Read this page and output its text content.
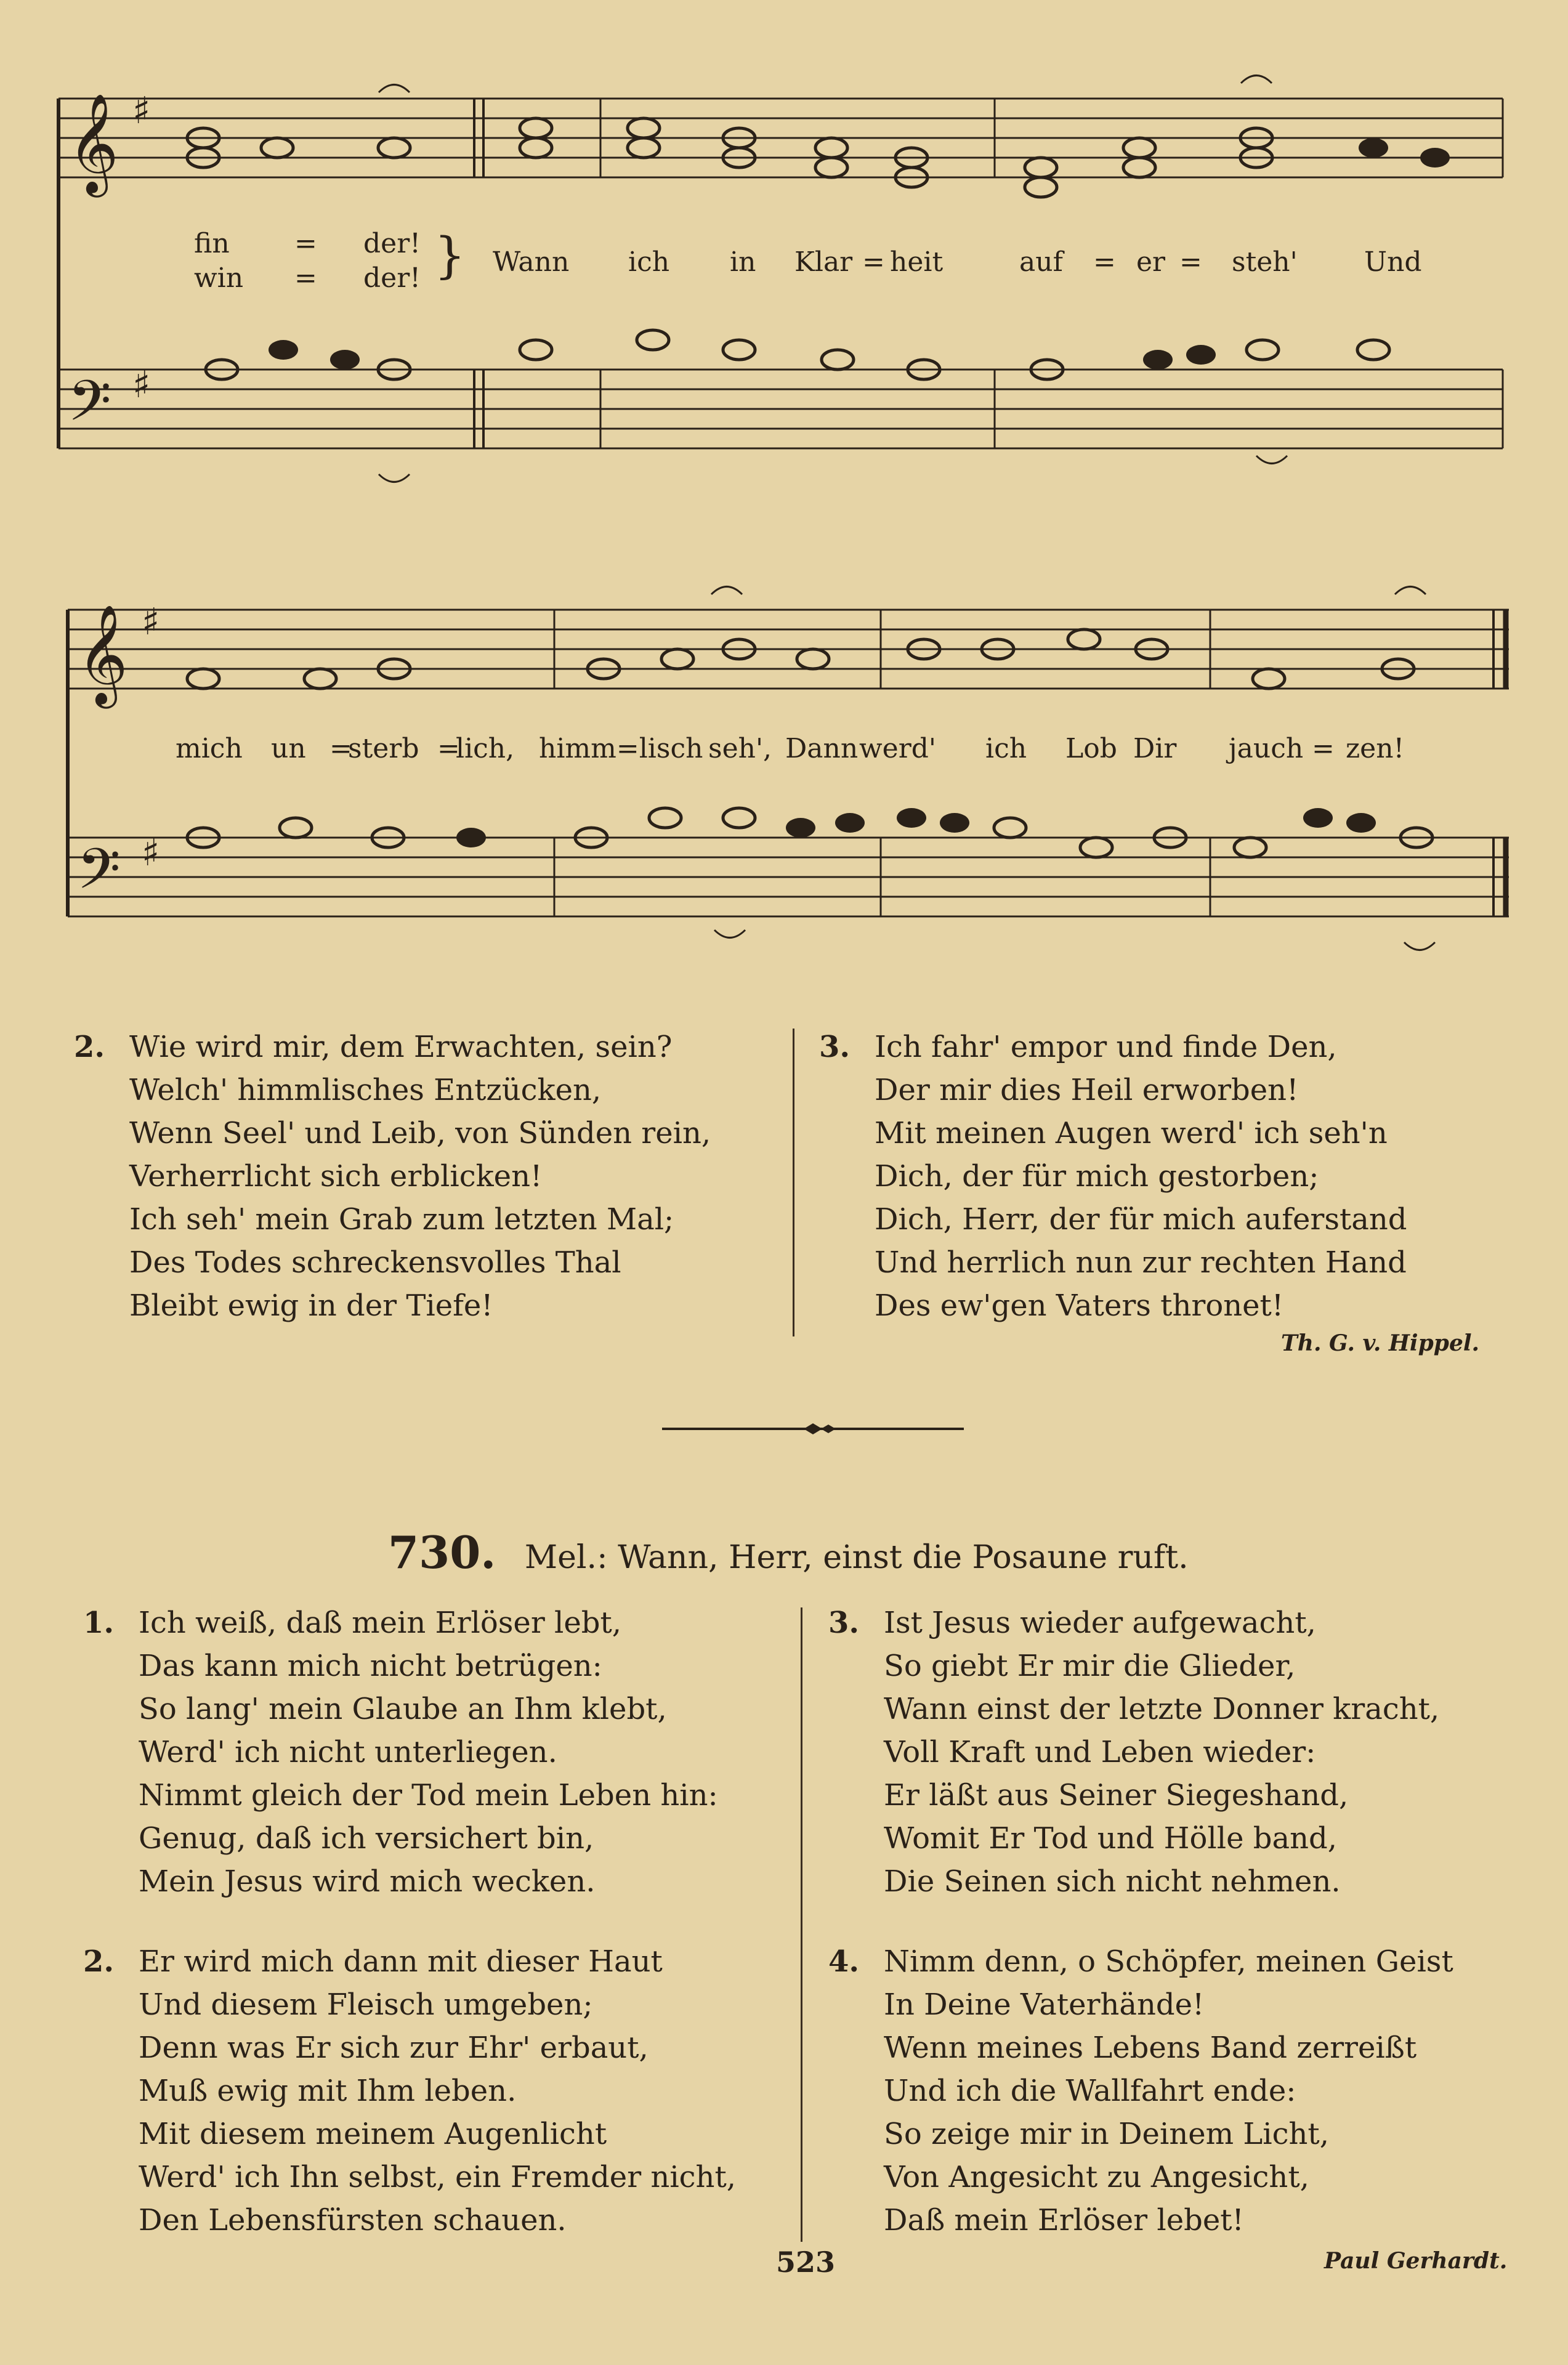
𝄞
𝄢
𝄞
𝄢
♯
♯
♯
♯
fin = der!
win = der! } Wann ich in Klar = heit	auf = er = steh' Und
mich un =
sterb =
lich, himm=lisch seh', Dann werd' ich Lob Dir jauch = zen!
2. Wie wird mir, dem Erwachten, sein?
Welch' himmlisches Entzücken,
Wenn Seel' und Leib, von Sünden rein,
Verherrlicht sich erblicken!
Ich seh' mein Grab zum letzten Mal;
Des Todes schreckensvolles Thal
Bleibt ewig in der Tiefe!
3. Ich fahr' empor und finde Den,
Der mir dies Heil erworben!
Mit meinen Augen werd' ich seh'n
Dich, der für mich gestorben;
Dich, Herr, der für mich auferstand
Und herrlich nun zur rechten Hand
Des ew'gen Vaters thronet!
Th. G. v. Hippel.
730. Mel.: Wann, Herr, einst die Posaune ruft.
1. Ich weiß, daß mein Erlöser lebt,
Das kann mich nicht betrügen:
So lang' mein Glaube an Ihm klebt,
Werd' ich nicht unterliegen.
Nimmt gleich der Tod mein Leben hin:
Genug, daß ich versichert bin,
Mein Jesus wird mich wecken.
2. Er wird mich dann mit dieser Haut
Und diesem Fleisch umgeben;
Denn was Er sich zur Ehr' erbaut,
Muß ewig mit Ihm leben.
Mit diesem meinem Augenlicht
Werd' ich Ihn selbst, ein Fremder nicht,
Den Lebensfürsten schauen.
3. Ist Jesus wieder aufgewacht,
So giebt Er mir die Glieder,
Wann einst der letzte Donner kracht,
Voll Kraft und Leben wieder:
Er läßt aus Seiner Siegeshand,
Womit Er Tod und Hölle band,
Die Seinen sich nicht nehmen.
4. Nimm denn, o Schöpfer, meinen Geist
In Deine Vaterhände!
Wenn meines Lebens Band zerreißt
Und ich die Wallfahrt ende:
So zeige mir in Deinem Licht,
Von Angesicht zu Angesicht,
Daß mein Erlöser lebet!
523	Paul Gerhardt.
